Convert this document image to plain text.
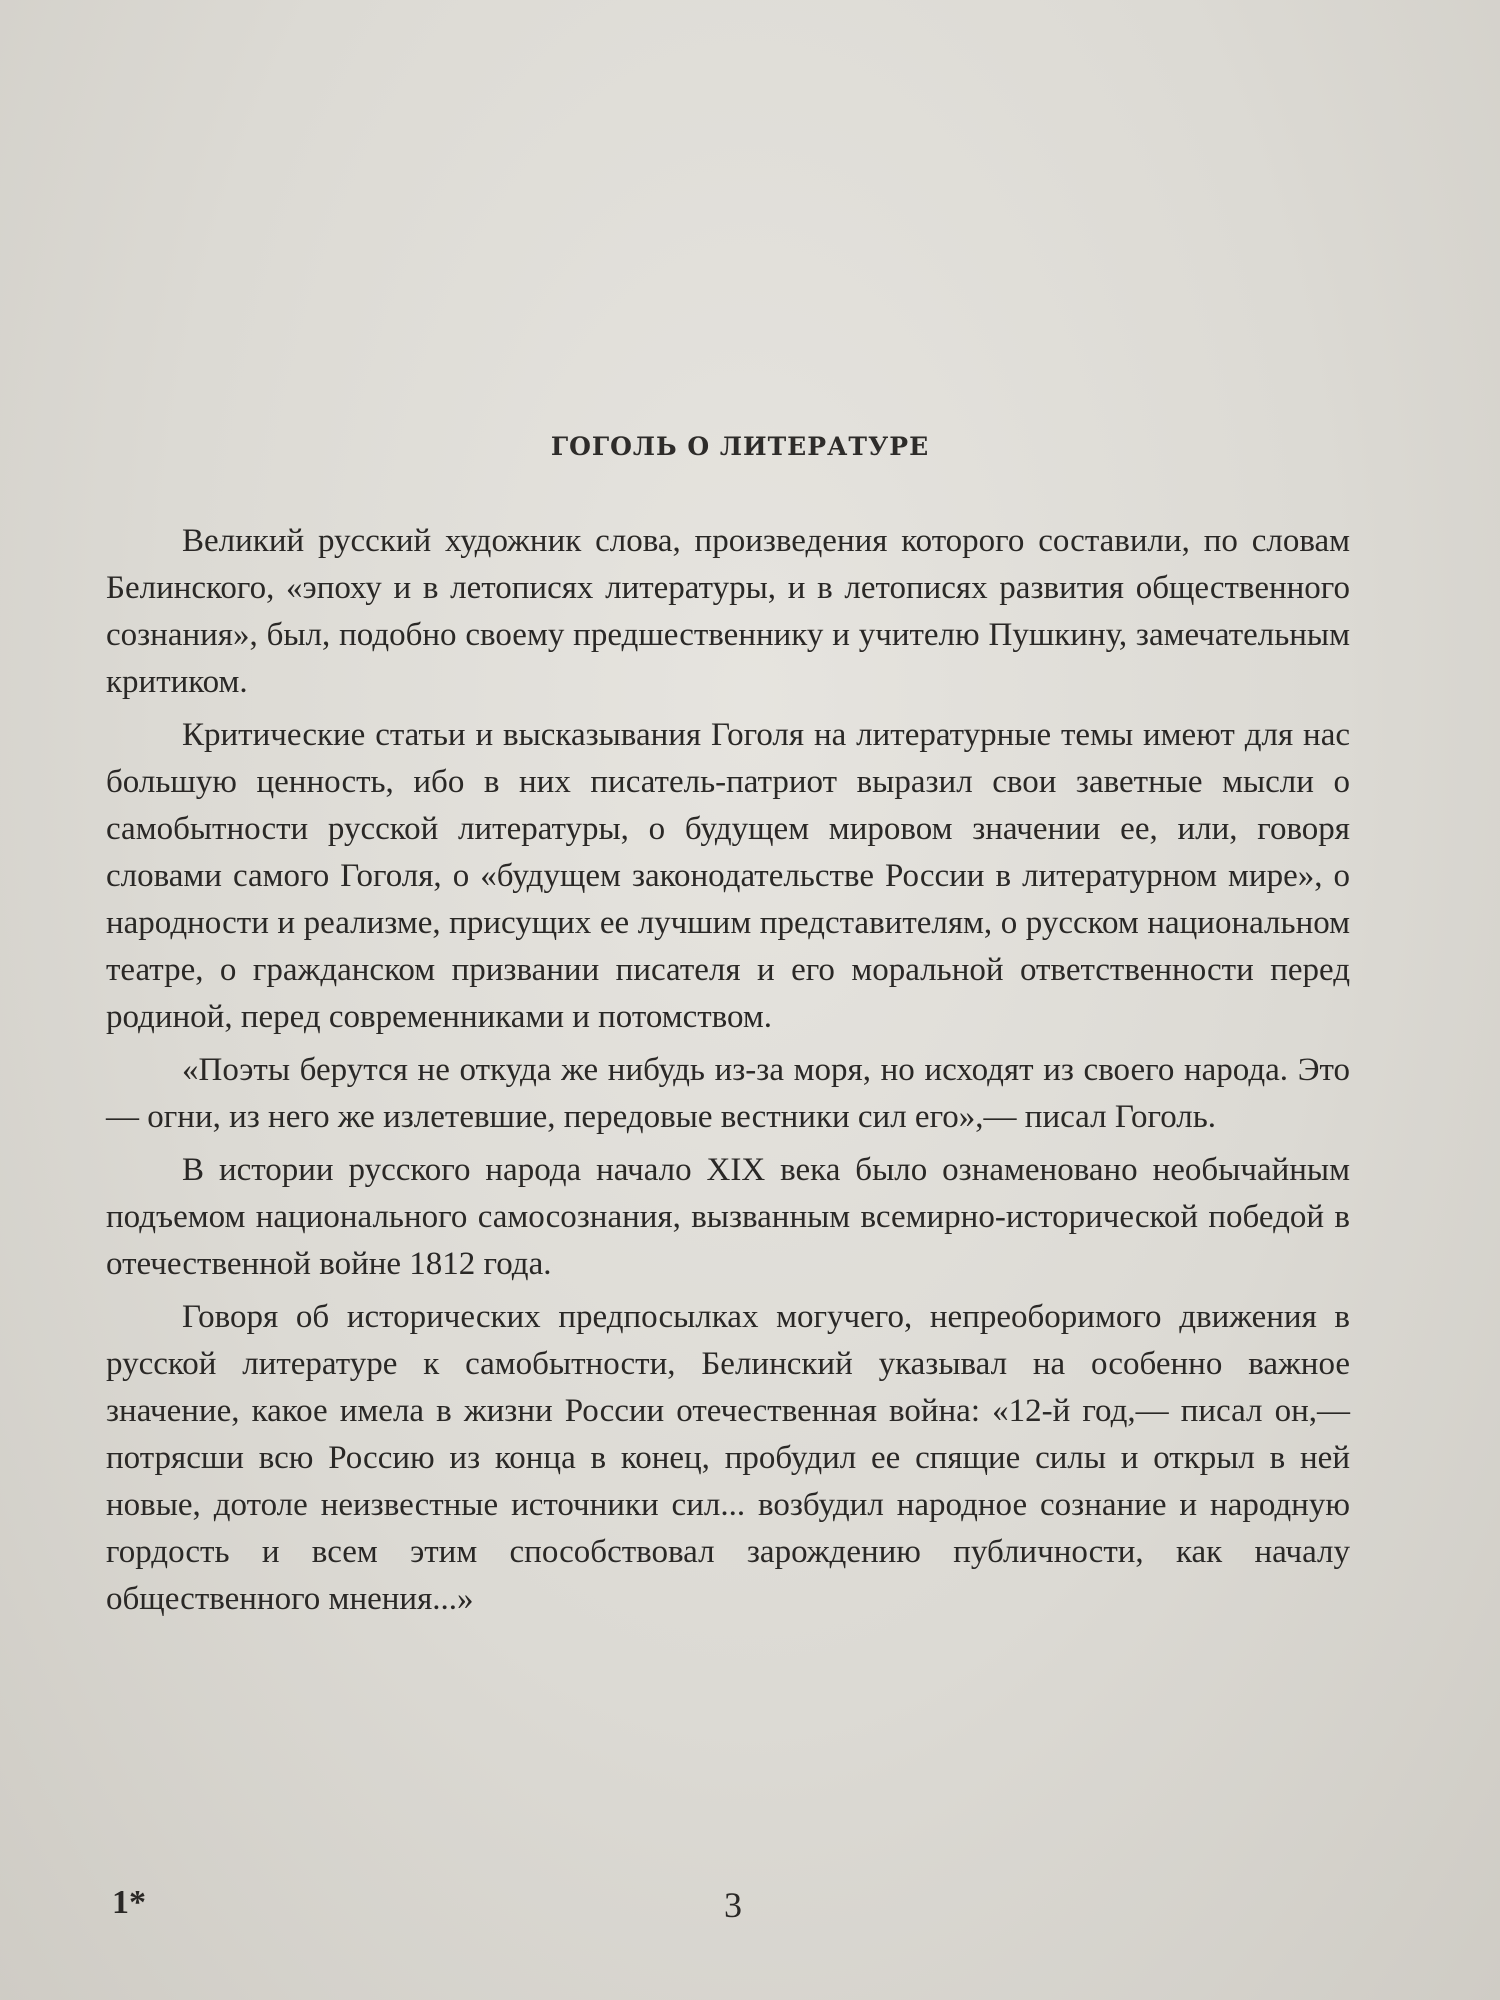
ГОГОЛЬ О ЛИТЕРАТУРЕ

Великий русский художник слова, произведения которого составили, по словам Белинского, «эпоху и в летописях литературы, и в летописях развития общественного сознания», был, подобно своему предшественнику и учителю Пушкину, замечательным критиком.

Критические статьи и высказывания Гоголя на литературные темы имеют для нас большую ценность, ибо в них писатель-патриот выразил свои заветные мысли о самобытности русской литературы, о будущем мировом значении ее, или, говоря словами самого Гоголя, о «будущем законодательстве России в литературном мире», о народности и реализме, присущих ее лучшим представителям, о русском национальном театре, о гражданском призвании писателя и его моральной ответственности перед родиной, перед современниками и потомством.

«Поэты берутся не откуда же нибудь из-за моря, но исходят из своего народа. Это — огни, из него же излетевшие, передовые вестники сил его»,— писал Гоголь.

В истории русского народа начало XIX века было ознаменовано необычайным подъемом национального самосознания, вызванным всемирно-исторической победой в отечественной войне 1812 года.

Говоря об исторических предпосылках могучего, непреоборимого движения в русской литературе к самобытности, Белинский указывал на особенно важное значение, какое имела в жизни России отечественная война: «12-й год,— писал он,— потрясши всю Россию из конца в конец, пробудил ее спящие силы и открыл в ней новые, дотоле неизвестные источники сил... возбудил народное сознание и народную гордость и всем этим способствовал зарождению публичности, как началу общественного мнения...»

1*	3
